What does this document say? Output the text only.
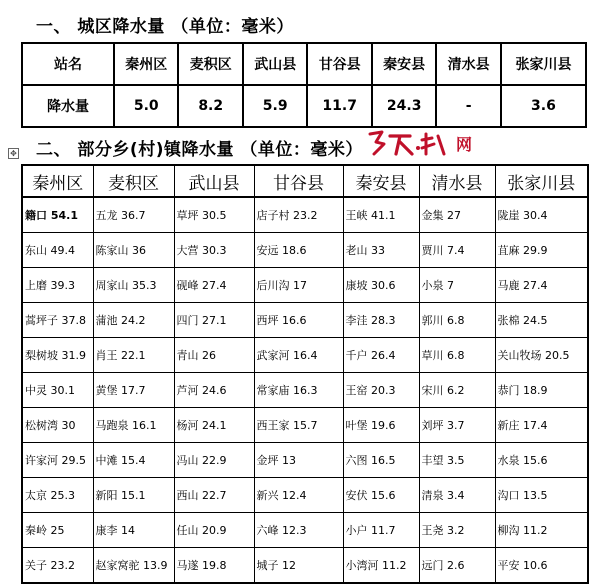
一、 城区降水量 （单位：毫米）
站名	秦州区	麦积区	武山县	甘谷县	秦安县	清水县	张家川县
降水量	5.0	8.2	5.9	11.7	24.3	-	3.6
✥ 二、 部分乡(村)镇降水量 （单位：毫米）	网
秦州区	麦积区	武山县	甘谷县	秦安县	清水县	张家川县
籍口 54.1	五龙 36.7	草坪 30.5	店子村 23.2	王峡 41.1	金集 27	陇崖 30.4
东山 49.4	陈家山 36	大营 30.3	安远 18.6	老山 33	贾川 7.4	苴麻 29.9
上磨 39.3	周家山 35.3	砚峰 27.4	后川沟 17	康坡 30.6	小泉 7	马鹿 27.4
蒿坪子 37.8	蒲池 24.2	四门 27.1	西坪 16.6	李洼 28.3	郭川 6.8	张棉 24.5
梨树坡 31.9	肖王 22.1	青山 26	武家河 16.4	千户 26.4	草川 6.8	关山牧场 20.5
中灵 30.1	黄堡 17.7	芦河 24.6	常家庙 16.3	王窑 20.3	宋川 6.2	恭门 18.9
松树湾 30	马跑泉 16.1	杨河 24.1	西王家 15.7	叶堡 19.6	刘坪 3.7	新庄 17.4
许家河 29.5	中滩 15.4	冯山 22.9	金坪 13	六图 16.5	丰望 3.5	水泉 15.6
太京 25.3	新阳 15.1	西山 22.7	新兴 12.4	安伏 15.6	清泉 3.4	沟口 13.5
秦岭 25	康李 14	任山 20.9	六峰 12.3	小户 11.7	王尧 3.2	柳沟 11.2
关子 23.2	赵家窝驼 13.9	马遂 19.8	城子 12	小湾河 11.2	远门 2.6	平安 10.6
